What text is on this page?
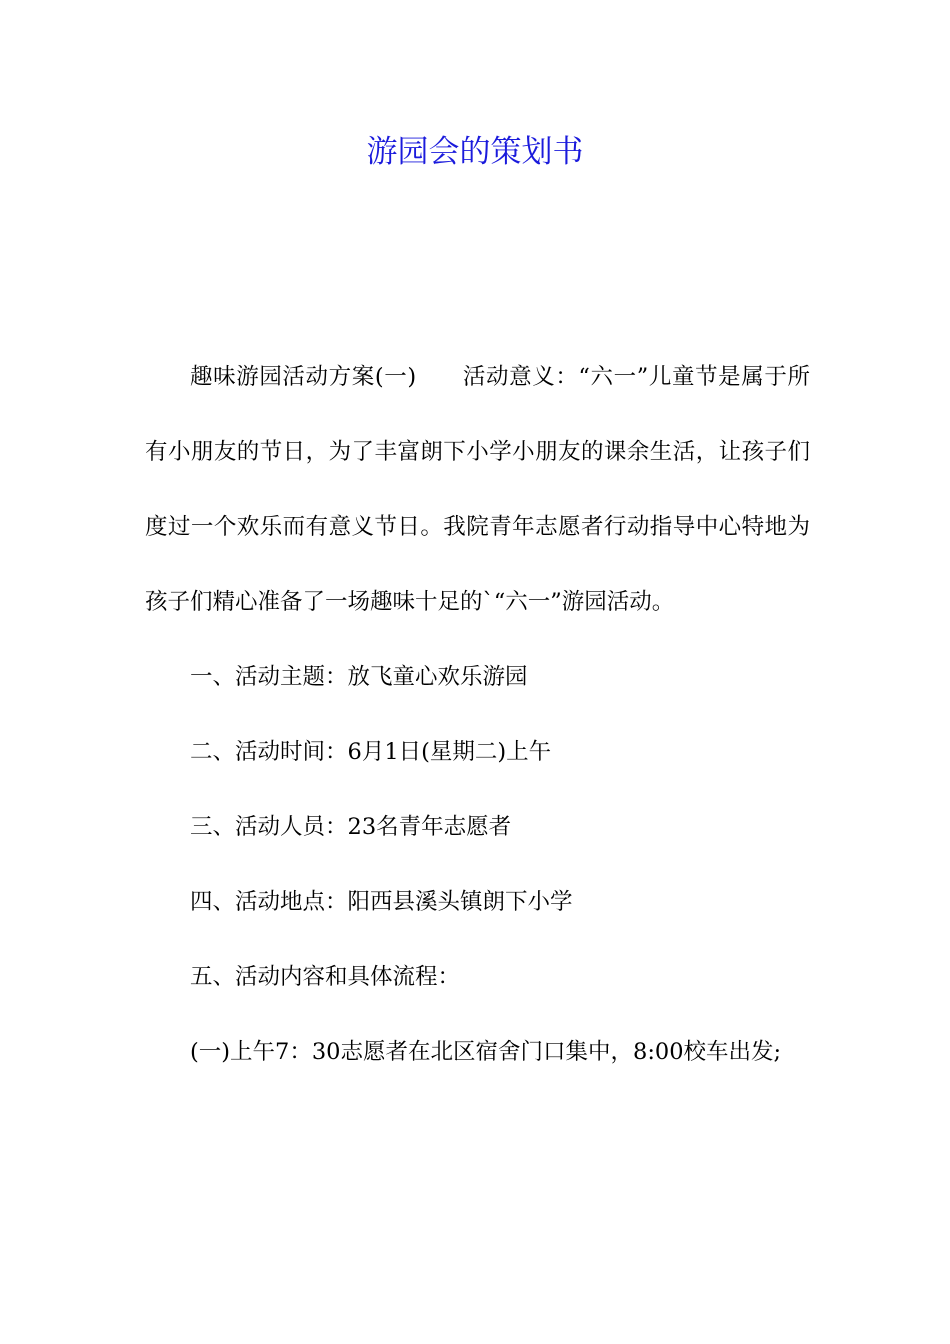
游园会的策划书

趣味游园活动方案(一)　　活动意义：“六一”儿童节是属于所有小朋友的节日，为了丰富朗下小学小朋友的课余生活，让孩子们度过一个欢乐而有意义节日。我院青年志愿者行动指导中心特地为孩子们精心准备了一场趣味十足的`“六一”游园活动。

一、活动主题：放飞童心欢乐游园

二、活动时间：6月1日(星期二)上午

三、活动人员：23名青年志愿者

四、活动地点：阳西县溪头镇朗下小学

五、活动内容和具体流程：

(一)上午7：30志愿者在北区宿舍门口集中，8:00校车出发;
